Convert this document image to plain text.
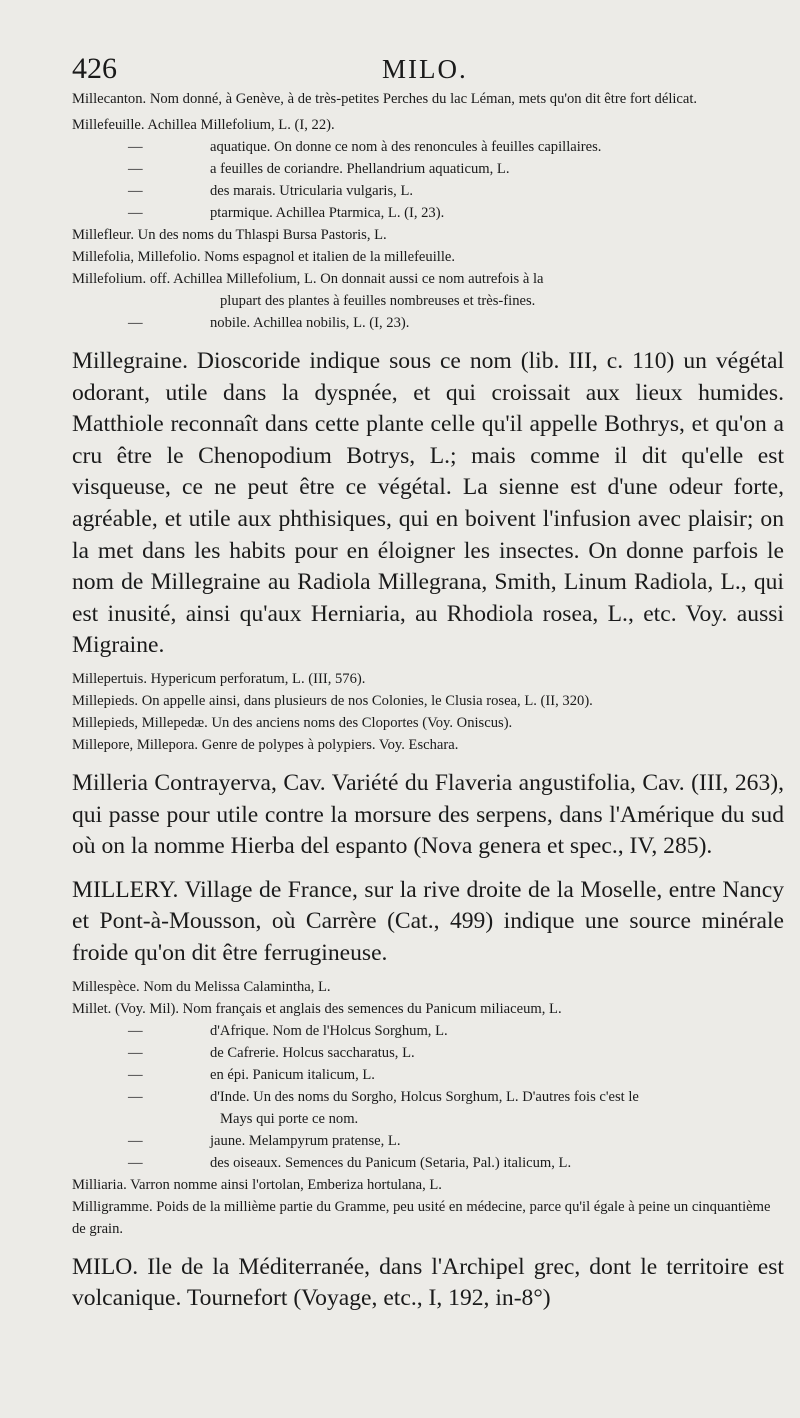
426	MILO.

Millecanton. Nom donné, à Genève, à de très-petites Perches du lac Léman, mets qu'on dit être fort délicat.

Millefeuille. Achillea Millefolium, L. (I, 22).

—	aquatique. On donne ce nom à des renoncules à feuilles capillaires.

—	a feuilles de coriandre. Phellandrium aquaticum, L.

—	des marais. Utricularia vulgaris, L.

—	ptarmique. Achillea Ptarmica, L. (I, 23).

Millefleur. Un des noms du Thlaspi Bursa Pastoris, L.

Millefolia, Millefolio. Noms espagnol et italien de la millefeuille.

Millefolium. off. Achillea Millefolium, L. On donnait aussi ce nom autrefois à la

plupart des plantes à feuilles nombreuses et très-fines.

—	nobile. Achillea nobilis, L. (I, 23).

Millegraine. Dioscoride indique sous ce nom (lib. III, c. 110) un végétal odorant, utile dans la dyspnée, et qui croissait aux lieux humides. Matthiole reconnaît dans cette plante celle qu'il appelle Bothrys, et qu'on a cru être le Chenopodium Botrys, L.; mais comme il dit qu'elle est visqueuse, ce ne peut être ce végétal. La sienne est d'une odeur forte, agréable, et utile aux phthisiques, qui en boivent l'infusion avec plaisir; on la met dans les habits pour en éloigner les insectes. On donne parfois le nom de Millegraine au Radiola Millegrana, Smith, Linum Radiola, L., qui est inusité, ainsi qu'aux Herniaria, au Rhodiola rosea, L., etc. Voy. aussi Migraine.

Millepertuis. Hypericum perforatum, L. (III, 576).

Millepieds. On appelle ainsi, dans plusieurs de nos Colonies, le Clusia rosea, L. (II, 320).

Millepieds, Millepedæ. Un des anciens noms des Cloportes (Voy. Oniscus).

Millepore, Millepora. Genre de polypes à polypiers. Voy. Eschara.

Milleria Contrayerva, Cav. Variété du Flaveria angustifolia, Cav. (III, 263), qui passe pour utile contre la morsure des serpens, dans l'Amérique du sud où on la nomme Hierba del espanto (Nova genera et spec., IV, 285).

MILLERY. Village de France, sur la rive droite de la Moselle, entre Nancy et Pont-à-Mousson, où Carrère (Cat., 499) indique une source minérale froide qu'on dit être ferrugineuse.

Millespèce. Nom du Melissa Calamintha, L.

Millet. (Voy. Mil). Nom français et anglais des semences du Panicum miliaceum, L.

—	d'Afrique. Nom de l'Holcus Sorghum, L.

—	de Cafrerie. Holcus saccharatus, L.

—	en épi. Panicum italicum, L.

—	d'Inde. Un des noms du Sorgho, Holcus Sorghum, L. D'autres fois c'est le

Mays qui porte ce nom.

—	jaune. Melampyrum pratense, L.

—	des oiseaux. Semences du Panicum (Setaria, Pal.) italicum, L.

Milliaria. Varron nomme ainsi l'ortolan, Emberiza hortulana, L.

Milligramme. Poids de la millième partie du Gramme, peu usité en médecine, parce qu'il égale à peine un cinquantième de grain.

MILO. Ile de la Méditerranée, dans l'Archipel grec, dont le territoire est volcanique. Tournefort (Voyage, etc., I, 192, in-8°)
